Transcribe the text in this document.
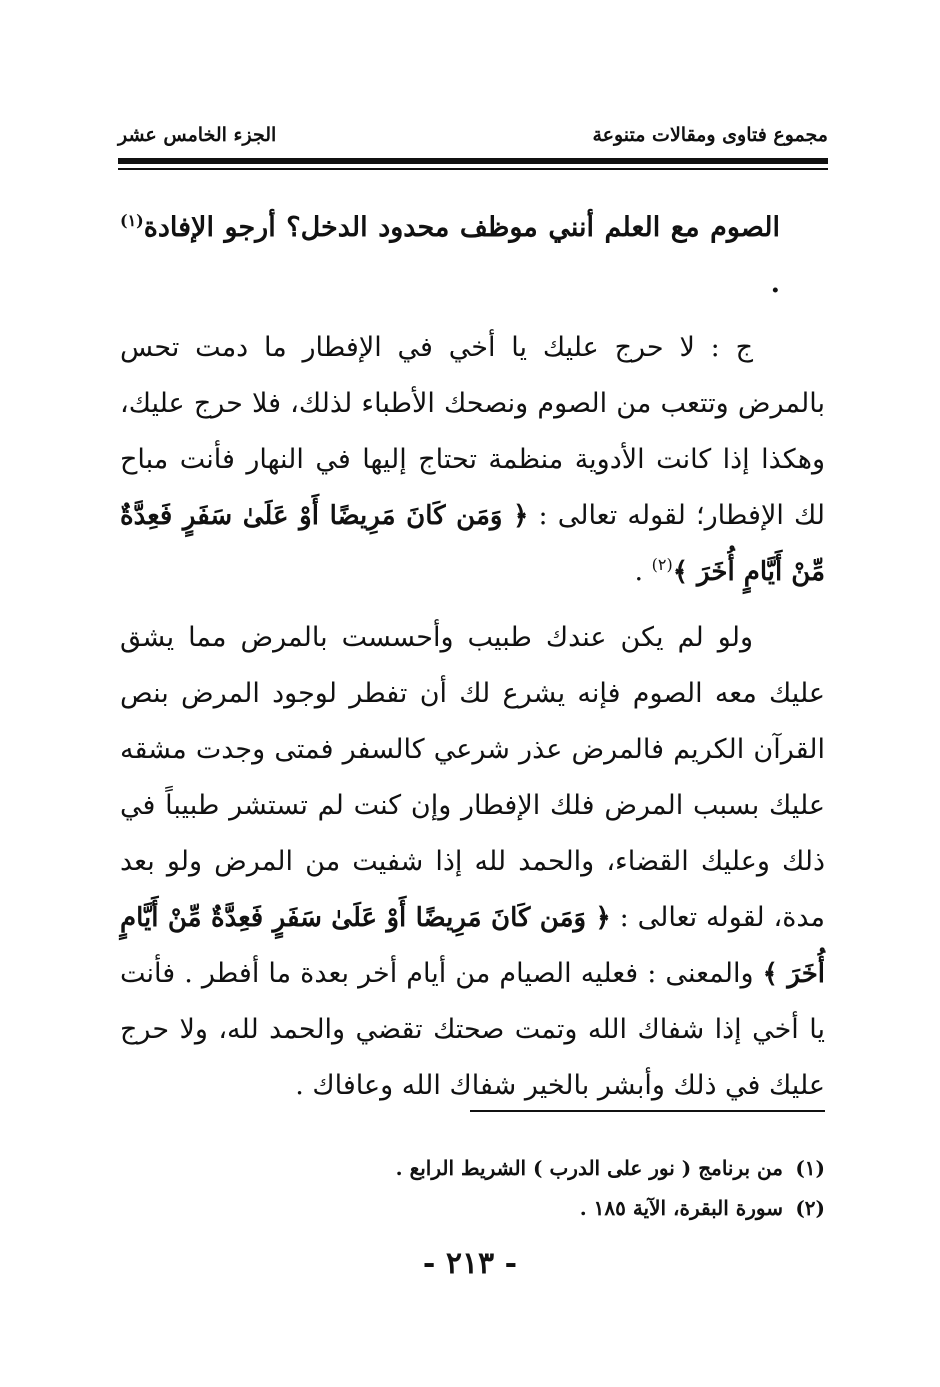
مجموع فتاوى ومقالات متنوعة
الجزء الخامس عشر

الصوم مع العلم أنني موظف محدود الدخل؟ أرجو الإفادة$^{(١)}$ .

ج : لا حرج عليك يا أخي في الإفطار ما دمت تحس بالمرض وتتعب من الصوم ونصحك الأطباء لذلك، فلا حرج عليك، وهكذا إذا كانت الأدوية منظمة تحتاج إليها في النهار فأنت مباح لك الإفطار؛ لقوله تعالى : ﴿ وَمَن كَانَ مَرِيضًا أَوْ عَلَىٰ سَفَرٍ فَعِدَّةٌ مِّنْ أَيَّامٍ أُخَرَ ﴾$^{(٢)}$ .

ولو لم يكن عندك طبيب وأحسست بالمرض مما يشق عليك معه الصوم فإنه يشرع لك أن تفطر لوجود المرض بنص القرآن الكريم فالمرض عذر شرعي كالسفر فمتى وجدت مشقه عليك بسبب المرض فلك الإفطار وإن كنت لم تستشر طبيباً في ذلك وعليك القضاء، والحمد لله إذا شفيت من المرض ولو بعد مدة، لقوله تعالى : ﴿ وَمَن كَانَ مَرِيضًا أَوْ عَلَىٰ سَفَرٍ فَعِدَّةٌ مِّنْ أَيَّامٍ أُخَرَ ﴾ والمعنى : فعليه الصيام من أيام أخر بعدة ما أفطر . فأنت يا أخي إذا شفاك الله وتمت صحتك تقضي والحمد لله، ولا حرج عليك في ذلك وأبشر بالخير شفاك الله وعافاك .

(١)من برنامج ( نور على الدرب ) الشريط الرابع .
(٢)سورة البقرة، الآية ١٨٥ .
- ٢١٣ -
